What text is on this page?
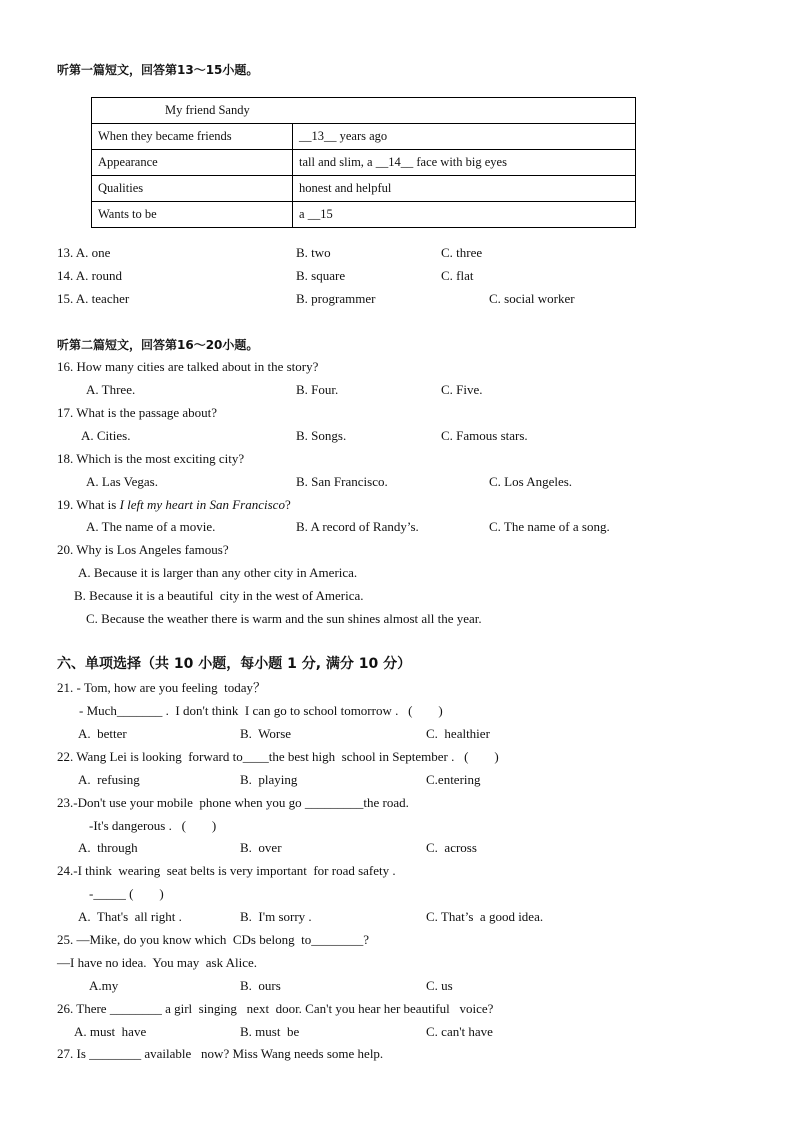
听第一篇短文，回答第13～15小题。
My friend Sandy	
When they became friends	__13__ years ago
Appearance	tall and slim, a __14__ face with big eyes
Qualities	honest and helpful
Wants to be	a __15
13. A. one	B. two	C. three
14. A. round	B. square	C. flat
15. A. teacher	B. programmer	C. social worker
听第二篇短文，回答第16～20小题。
16. How many cities are talked about in the story?
A. Three.	B. Four.	C. Five.
17. What is the passage about?
A. Cities.	B. Songs.	C. Famous stars.
18. Which is the most exciting city?
A. Las Vegas.	B. San Francisco.	C. Los Angeles.
19. What is I left my heart in San Francisco?
A. The name of a movie.	B. A record of Randy’s.	C. The name of a song.
20. Why is Los Angeles famous?
A. Because it is larger than any other city in America.
B. Because it is a beautiful  city in the west of America.
C. Because the weather there is warm and the sun shines almost all the year.
六、单项选择（共 10 小题，每小题 1 分, 满分 10 分）
21. - Tom, how are you feeling  today？
- Much_______ .  I don't think  I can go to school tomorrow .   (        )
A.  better	B.  Worse	C.  healthier
22. Wang Lei is looking  forward to____the best high  school in September .   (        )
A.  refusing	B.  playing	C.entering
23.-Don't use your mobile  phone when you go _________the road.
-It's dangerous .   (        )
A.  through	B.  over	C.  across
24.-I think  wearing  seat belts is very important  for road safety .
-_____ (        )
A.  That's  all right .	B.  I'm sorry .	C. That’s  a good idea.
25. —Mike, do you know which  CDs belong  to________?
—I have no idea.  You may  ask Alice.
A.my	B.  ours	C. us
26. There ________ a girl  singing   next  door. Can't you hear her beautiful   voice?
A. must  have	B. must  be	C. can't have
27. Is ________ available   now? Miss Wang needs some help.
